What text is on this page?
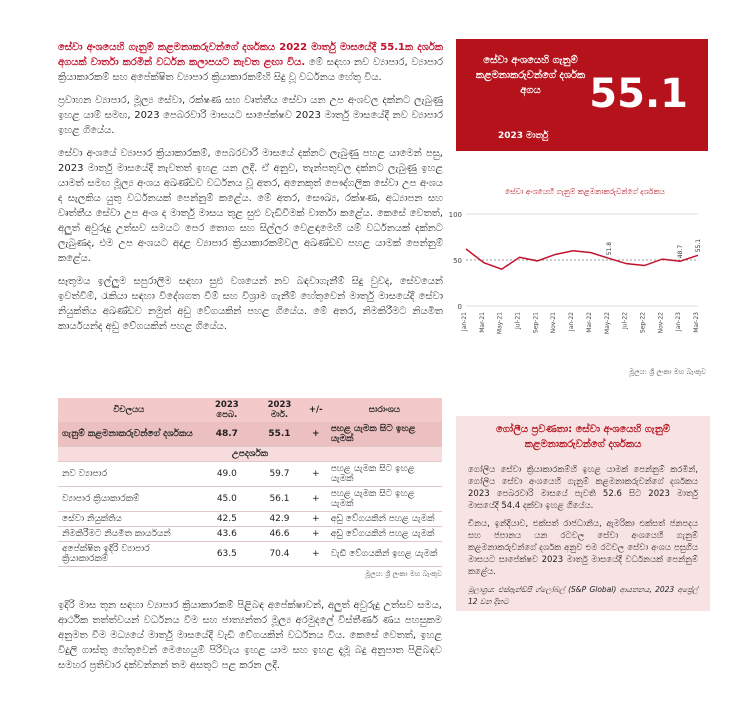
සේවා අංශයෙහි ගැනුම් කළමනාකරුවන්ගේ දර්ශකය 2022 මාර්තු මාසයේදී 55.1ක දර්ශක අගයක් වාර්තා කරමින් වර්ධන කලාපයට නැවත ළඟා විය. මේ සඳහා නව ව්‍යාපාර, ව්‍යාපාර ක්‍රියාකාරකම් සහ අපේක්ෂිත ව්‍යාපාර ක්‍රියාකාරකම්හි සිදු වූ වර්ධනය හේතු විය.

ප්‍රවාහන ව්‍යාපාර, මූල්‍ය සේවා, රක්ෂණ සහ වෘත්තීය සේවා යන උප අංශවල දක්නට ලැබුණු ඉහළ යාම් සමඟ, 2023 පෙබරවාරි මාසයට සාපේක්ෂව 2023 මාර්තු මාසයේදී නව ව්‍යාපාර ඉහළ ගියේය.

සේවා අංශයේ ව්‍යාපාර ක්‍රියාකාරකම්, පෙබරවාරි මාසයේ දක්නට ලැබුණු පහළ යාමෙන් පසු, 2023 මාර්තු මාසයේදී නැවතත් ඉහළ යන ලදී. ඒ අනුව, තැන්පතුවල දක්නට ලැබුණු ඉහළ යාමත් සමඟ මූල්‍ය අංශය අඛණ්ඩව වර්ධනය වූ අතර, අනෙකුත් පෞද්ගලික සේවා උප අංශය ද සැලකිය යුතු වර්ධනයක් පෙන්නුම් කළේය. මේ අතර, සෞඛ්‍ය, රක්ෂණ, අධ්‍යාපන සහ වෘත්තීය සේවා උප අංශ ද මාර්තු මාසය තුළ සුළු වැඩිවීමක් වාර්තා කළේය. කෙසේ වෙතත්, අලුත් අවුරුදු උත්සව සමයට පෙර තොග සහ සිල්ලර වෙළඳාමෙහි යම් වර්ධනයක් දක්නට ලැබුණද, එම උප අංශයට අදාළ ව්‍යාපාර ක්‍රියාකාරකම්වල අඛණ්ඩව පහළ යාමක් පෙන්නුම් කළේය.

සෑතුමය ඉල්ලුම සපුරාලීම සඳහා සුළු වශයෙන් නව බඳවාගැනීම් සිදු වුවද, සේවයෙන් ඉවත්වීම්, රැකියා සඳහා විදේශගත වීම් සහ විශ්‍රාම ගැනීම් හේතුවෙන් මාර්තු මාසයේදී සේවා නියුක්තිය අඛණ්ඩව නමුත් අඩු වේගයකින් පහළ ගියේය. මේ අතර, නිමකිරීමට නියමිත කාර්යයන්ද අඩු වේගයකින් පහළ ගියේය.

සේවා අංශයෙහි ගැනුම් කළමනාකරුවන්ගේ දර්ශක අගය	55.1
2023 මාර්තු
සේවා අංශයෙහි ගැනුම් කළමනාකරුවන්ගේ දර්ශකය
0
50
100
Jan-21 Mar-21 May-21 Jul-21 Sep-21 Nov-21 Jan-22 Mar-22 May-22 Jul-22 Sep-22 Nov-22 Jan-23 Mar-23
51.8	48.7 55.1
මූලය: ශ්‍රී ලංකා මහ බැංකුව
විචලයය	2023 පෙබ.	2023 මාර්.	+/-	සාරාංශය
ගැනුම් කළමනාකරුවන්ගේ දර්ශකය	48.7	55.1	+	පහළ යැමක සිට ඉහළ යැමක්
උපදර්ශක				
නව ව්‍යාපාර	49.0	59.7	+	පහළ යැමක සිට ඉහළ යැමක්
ව්‍යාපාර ක්‍රියාකාරකම්	45.0	56.1	+	පහළ යැමක සිට ඉහළ යැමක්
සේවා නියුක්තිය	42.5	42.9	+	අඩු වේගයකින් පහළ යැමක්
නිමකිරීමට නියමිත කාර්යයන්	43.6	46.6	+	අඩු වේගයකින් පහළ යැමක්
අපේක්ෂිත ඉදිරි ව්‍යාපාර ක්‍රියාකාරකම්	63.5	70.4	+	වැඩි වේගයකින් ඉහළ යැමක්
මූලය: ශ්‍රී ලංකා මහ බැංකුව
ගෝලීය ප්‍රවණතා: සේවා අංශයෙහි ගැනුම් කළමනාකරුවන්ගේ දර්ශකය

ගෝලීය සේවා ක්‍රියාකාරකම්හි ඉහළ යාමක් පෙන්නුම් කරමින්, ගෝලීය සේවා අංශයෙහි ගැනුම් කළමනාකරුවන්ගේ දර්ශකය 2023 පෙබරවාරි මාසයේ පැවති 52.6 සිට 2023 මාර්තු මාසයේදී 54.4 දක්වා ඉහළ ගියේය.

චීනය, ඉන්දියාව, එක්සත් රාජධානිය, ඇමරිකා එක්සත් ජනපදය සහ ජපානය යන රටවල සේවා අංශයෙහි ගැනුම් කළමනාකරුවන්ගේ දර්ශක අනුව එම රටවල සේවා අංශය පසුගිය මාසයට සාපේක්ෂව 2023 මාර්තු මාසයේදී වර්ධනයක් පෙන්නුම් කළේය.

මූලාශ්‍රය: එස්ඇන්ඩ්පී ග්ලෝබල් (S&P Global) ආයතනය, 2023 අප්‍රේල් 12 වන දිනට

ඉදිරි මාස තුන සඳහා ව්‍යාපාර ක්‍රියාකාරකම් පිළිබඳ අපේක්ෂාවන්, අලුත් අවුරුදු උත්සව සමය, ආර්ථික තත්ත්වයන් වර්ධනය වීම සහ ජාත්‍යන්තර මූල්‍ය අරමුදලේ විස්තීර්ණ ණය පහසුකම අනුමත වීම මධ්‍යයේ මාර්තු මාසයේදී වැඩි වේගයකින් වර්ධනය විය. කෙසේ වෙතත්, ඉහළ විදුලි ගාස්තු හේතුවෙන් මෙහෙයුම් පිරිවැය ඉහළ යාම සහ ඉහළ දැමූ බදු අනුපාත පිළිබඳව සමහර ප්‍රතිචාර දක්වන්නන් තම අසතුට පළ කරන ලදී.
